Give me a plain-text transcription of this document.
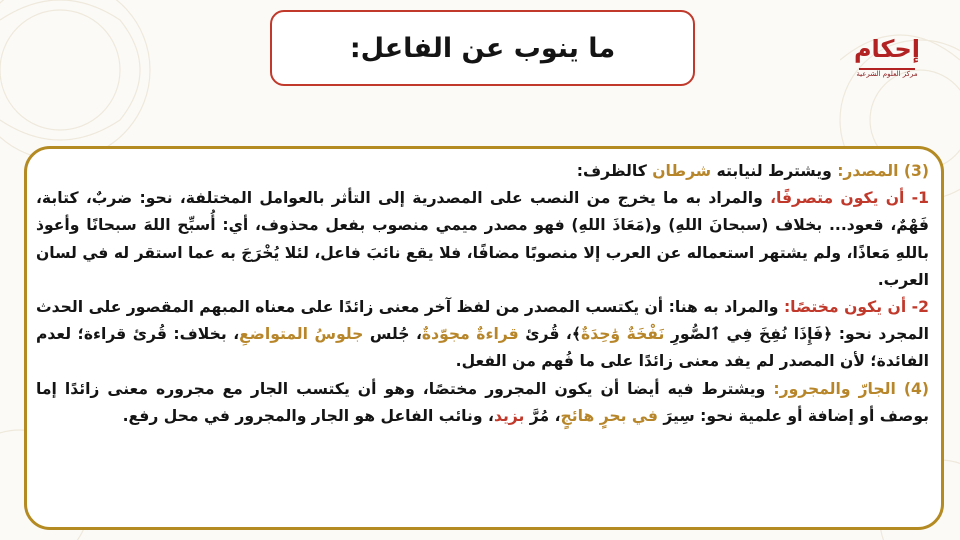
ما ينوب عن الفاعل:	إحكام
مركز العلوم الشرعية

(3) المصدر: ويشترط لنيابته شرطان كالظرف:

1- أن يكون متصرفًا، والمراد به ما يخرج من النصب على المصدرية إلى التأثر بالعوامل المختلفة، نحو: ضربٌ، كتابة، فَهْمٌ، قعود... بخلاف (سبحانَ اللهِ) و(مَعَاذَ اللهِ) فهو مصدر ميمي منصوب بفعل محذوف، أي: أُسبِّح اللهَ سبحانًا وأعوذ باللهِ مَعاذًا، ولم يشتهر استعماله عن العرب إلا منصوبًا مضافًا، فلا يقع نائبَ فاعل، لئلا يُخْرَجَ به عما استقر له في لسان العرب.

2- أن يكون مختصًا: والمراد به هنا: أن يكتسب المصدر من لفظ آخر معنى زائدًا على معناه المبهم المقصور على الحدث المجرد نحو: ﴿فَإِذَا نُفِخَ فِي ٱلصُّورِ نَفْخَةٌ وَٰحِدَةٌ﴾، قُرئ قراءةٌ مجوّدةٌ، جُلس جلوسُ المتواضعِ، بخلاف: قُرئ قراءة؛ لعدم الفائدة؛ لأن المصدر لم يفد معنى زائدًا على ما فُهم من الفعل.

(4) الجارّ والمجرور: ويشترط فيه أيضا أن يكون المجرور مختصًا، وهو أن يكتسب الجار مع مجروره معنى زائدًا إما بوصف أو إضافة أو علمية نحو: سِيرَ في بحرٍ هائجٍ، مُرَّ بزيد، ونائب الفاعل هو الجار والمجرور في محل رفع.
